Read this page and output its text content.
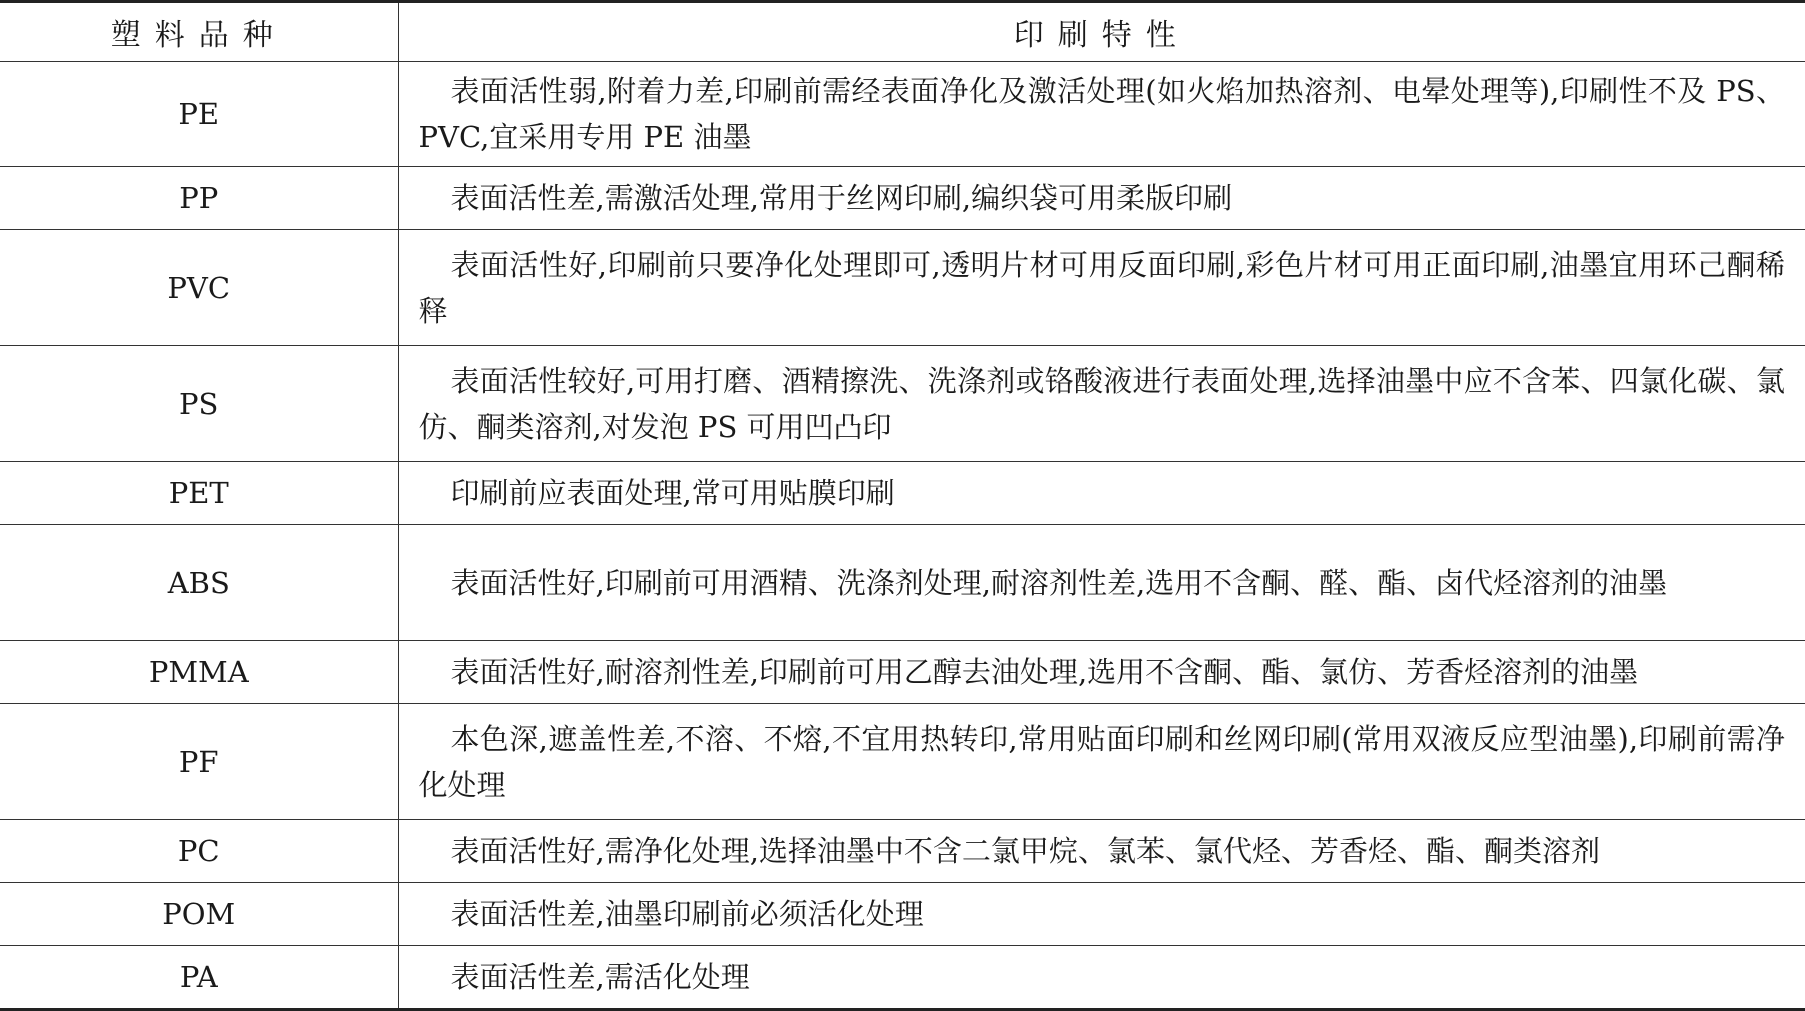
塑料品种	印刷特性
PE	表面活性弱,附着力差,印刷前需经表面净化及激活处理(如火焰加热溶剂、电晕处理等),印刷性不及 PS、PVC,宜采用专用 PE 油墨
PP	表面活性差,需激活处理,常用于丝网印刷,编织袋可用柔版印刷
PVC	表面活性好,印刷前只要净化处理即可,透明片材可用反面印刷,彩色片材可用正面印刷,油墨宜用环己酮稀释
PS	表面活性较好,可用打磨、酒精擦洗、洗涤剂或铬酸液进行表面处理,选择油墨中应不含苯、四氯化碳、氯仿、酮类溶剂,对发泡 PS 可用凹凸印
PET	印刷前应表面处理,常可用贴膜印刷
ABS	表面活性好,印刷前可用酒精、洗涤剂处理,耐溶剂性差,选用不含酮、醛、酯、卤代烃溶剂的油墨
PMMA	表面活性好,耐溶剂性差,印刷前可用乙醇去油处理,选用不含酮、酯、氯仿、芳香烃溶剂的油墨
PF	本色深,遮盖性差,不溶、不熔,不宜用热转印,常用贴面印刷和丝网印刷(常用双液反应型油墨),印刷前需净化处理
PC	表面活性好,需净化处理,选择油墨中不含二氯甲烷、氯苯、氯代烃、芳香烃、酯、酮类溶剂
POM	表面活性差,油墨印刷前必须活化处理
PA	表面活性差,需活化处理
